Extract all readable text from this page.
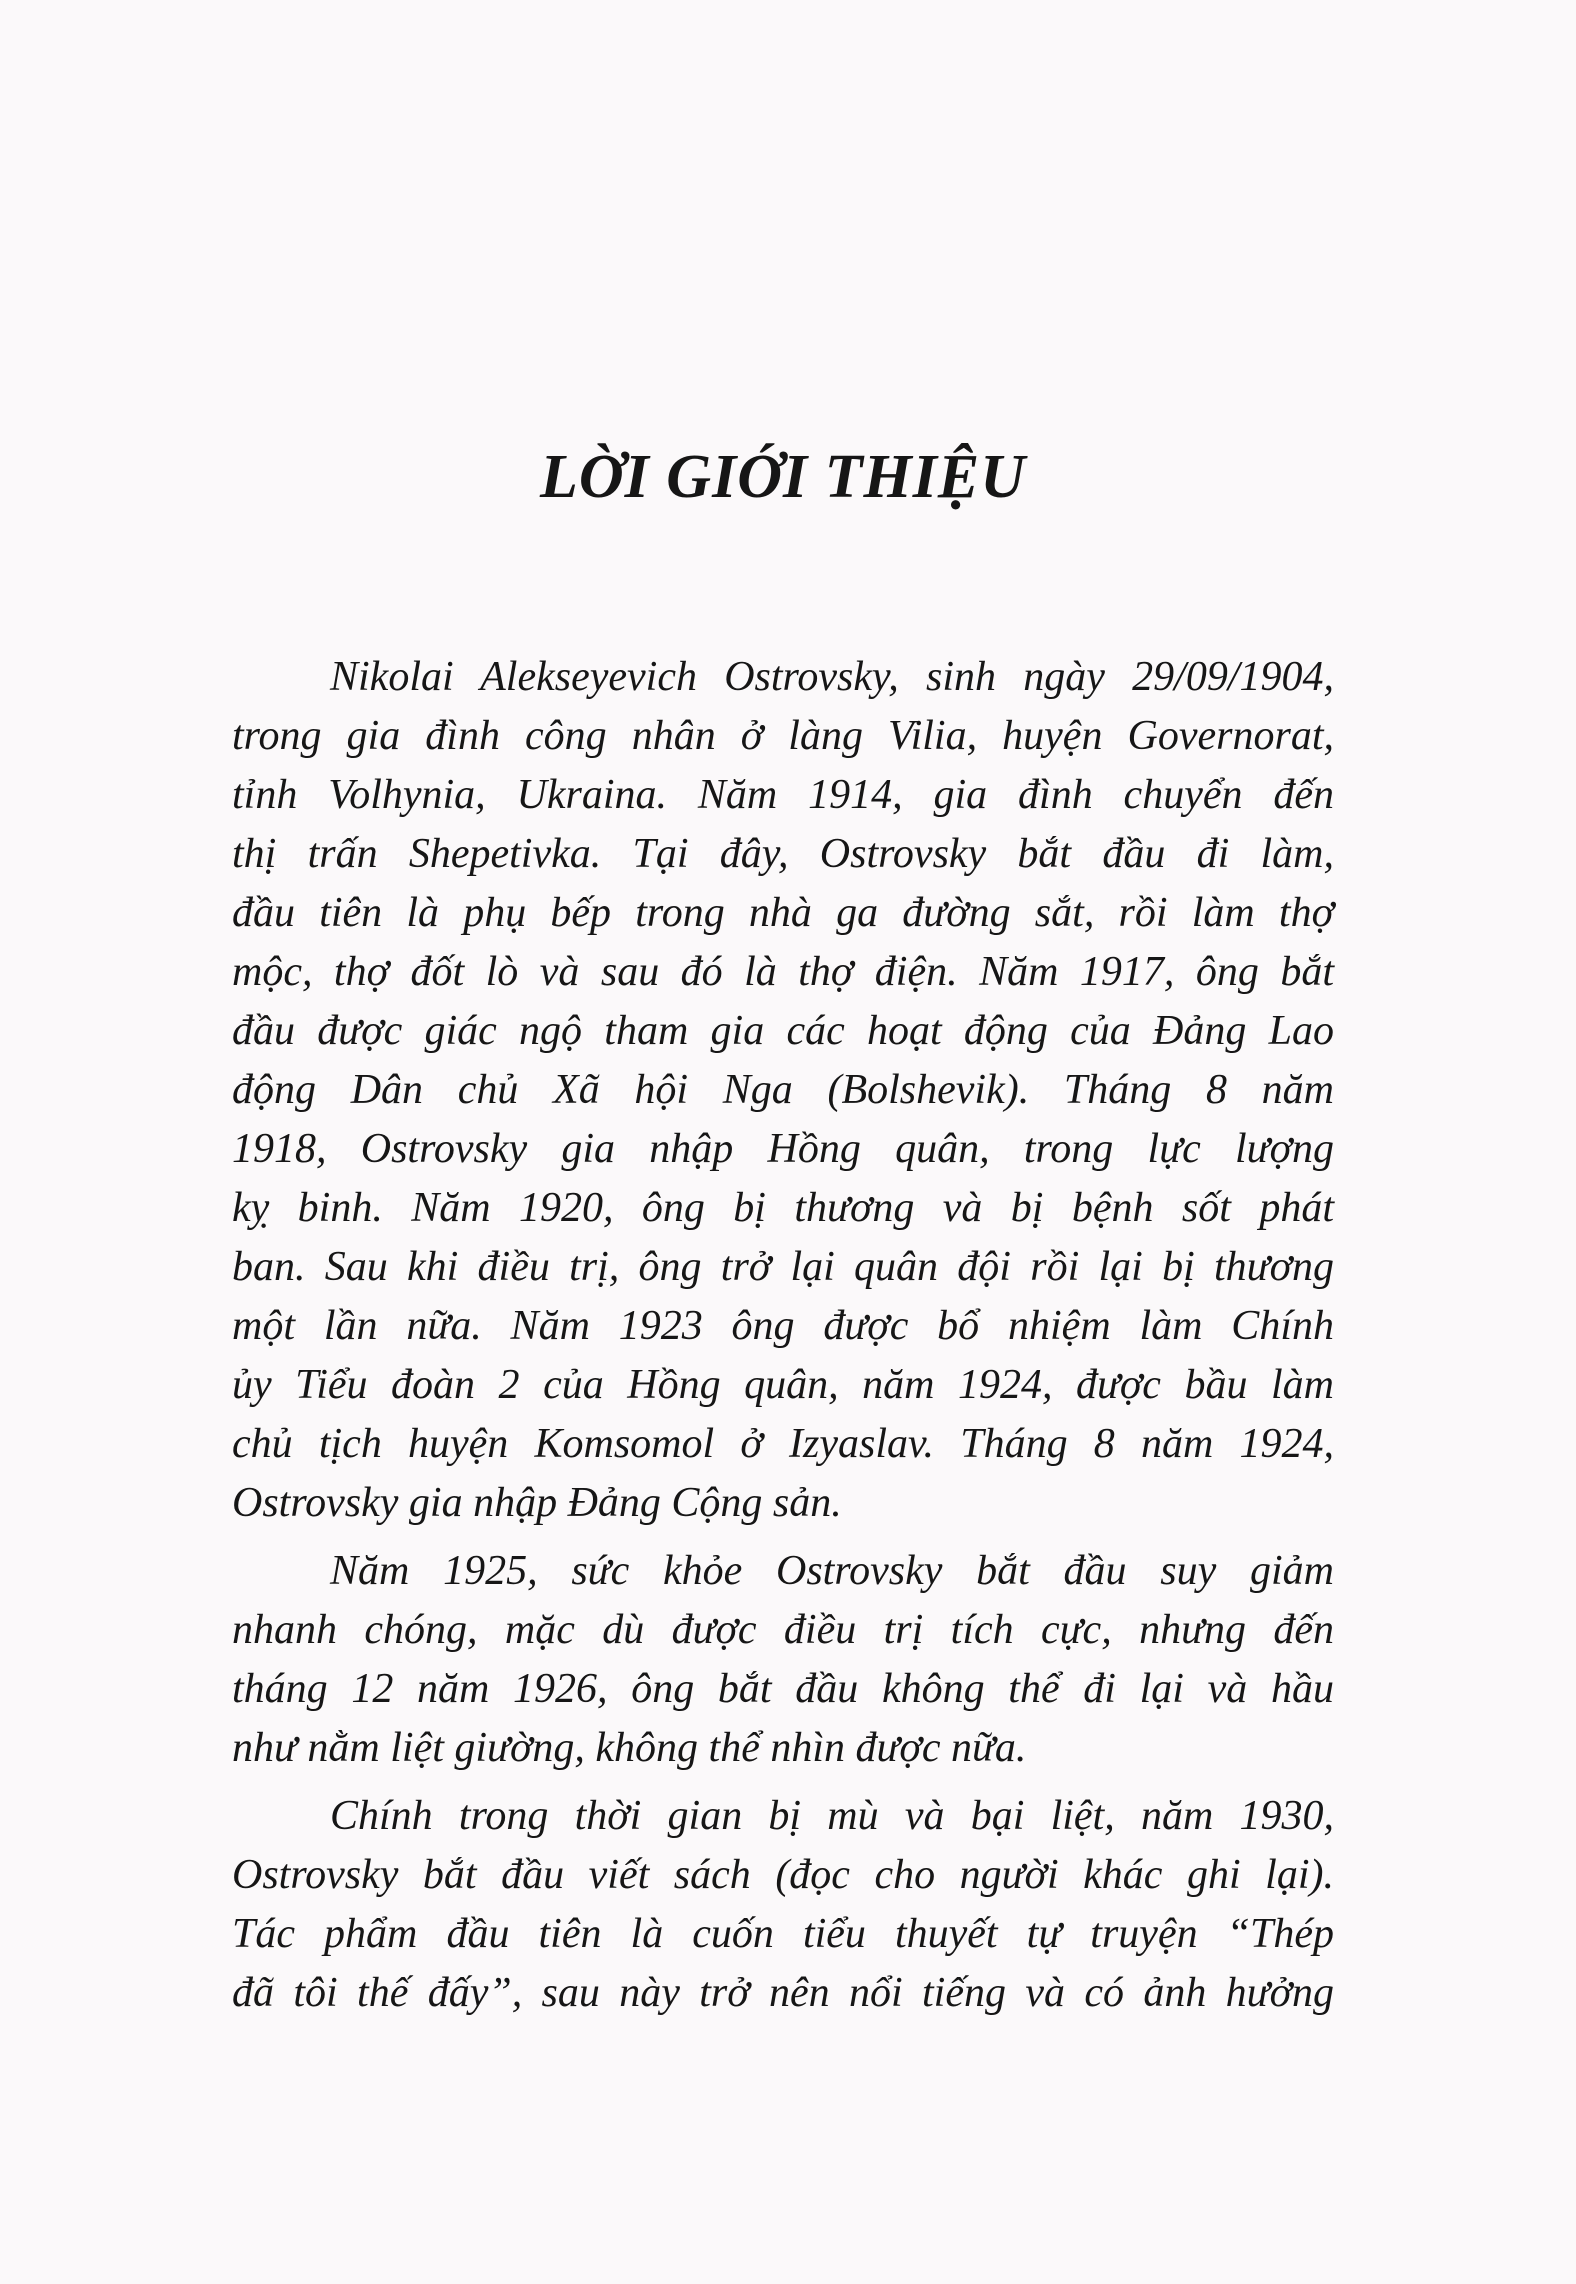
LỜI GIỚI THIỆU
Nikolai Alekseyevich Ostrovsky, sinh ngày 29/09/1904,
trong gia đình công nhân ở làng Vilia, huyện Governorat,
tỉnh Volhynia, Ukraina. Năm 1914, gia đình chuyển đến
thị trấn Shepetivka. Tại đây, Ostrovsky bắt đầu đi làm,
đầu tiên là phụ bếp trong nhà ga đường sắt, rồi làm thợ
mộc, thợ đốt lò và sau đó là thợ điện. Năm 1917, ông bắt
đầu được giác ngộ tham gia các hoạt động của Đảng Lao
động Dân chủ Xã hội Nga (Bolshevik). Tháng 8 năm
1918, Ostrovsky gia nhập Hồng quân, trong lực lượng
kỵ binh. Năm 1920, ông bị thương và bị bệnh sốt phát
ban. Sau khi điều trị, ông trở lại quân đội rồi lại bị thương
một lần nữa. Năm 1923 ông được bổ nhiệm làm Chính
ủy Tiểu đoàn 2 của Hồng quân, năm 1924, được bầu làm
chủ tịch huyện Komsomol ở Izyaslav. Tháng 8 năm 1924,
Ostrovsky gia nhập Đảng Cộng sản.
Năm 1925, sức khỏe Ostrovsky bắt đầu suy giảm
nhanh chóng, mặc dù được điều trị tích cực, nhưng đến
tháng 12 năm 1926, ông bắt đầu không thể đi lại và hầu
như nằm liệt giường, không thể nhìn được nữa.
Chính trong thời gian bị mù và bại liệt, năm 1930,
Ostrovsky bắt đầu viết sách (đọc cho người khác ghi lại).
Tác phẩm đầu tiên là cuốn tiểu thuyết tự truyện “Thép
đã tôi thế đấy”, sau này trở nên nổi tiếng và có ảnh hưởng
